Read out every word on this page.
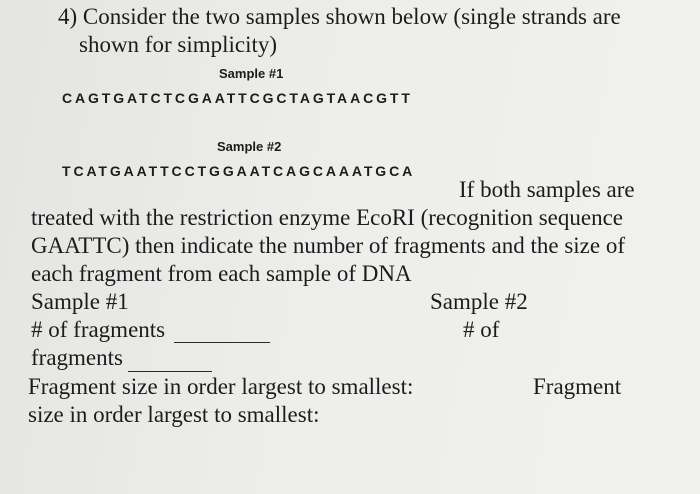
4) Consider the two samples shown below (single strands are
shown for simplicity)
Sample #1
CAGTGATCTCGAATTCGCTAGTAACGTT
Sample #2
TCATGAATTCCTGGAATCAGCAAATGCA
If both samples are
treated with the restriction enzyme EcoRI (recognition sequence
GAATTC) then indicate the number of fragments and the size of
each fragment from each sample of DNA
Sample #1	Sample #2
# of fragments	# of
fragments
Fragment size in order largest to smallest:	Fragment
size in order largest to smallest:
